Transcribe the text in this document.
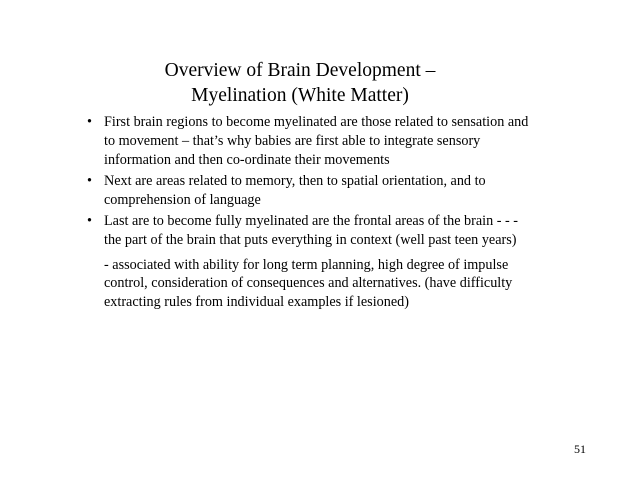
Overview of Brain Development –
Myelination (White Matter)
• First brain regions to become myelinated are those related to sensation and to movement – that’s why babies are first able to integrate sensory information and then co-ordinate their movements
• Next are areas related to memory, then to spatial orientation, and to comprehension of language
• Last are to become fully myelinated are the frontal areas of the brain - - - the part of the brain that puts everything in context (well past teen years)
- associated with ability for long term planning, high degree of impulse control, consideration of consequences and alternatives. (have difficulty extracting rules from individual examples if lesioned)
51
